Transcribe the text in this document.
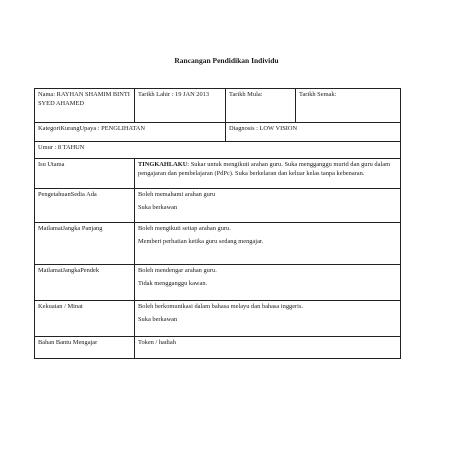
Rancangan Pendidikan Individu
Nama: RAYHAN SHAMIM BINTI SYED AHAMED	Tarikh Lahir : 19 JAN 2013	Tarikh Mula:	Tarikh Semak:
KategoriKurangUpaya : PENGLIHATAN		Diagnosis : LOW VISION	
Umur : 8 TAHUN			
Isu Utama	TINGKAHLAKU: Sukar untuk mengikuti arahan guru. Suka mengganggu murid dan guru dalam pengajaran dan pembelajaran (PdPc). Suka berkelaran dan keluar kelas tanpa kebenaran.		
PengetahuanSedia Ada	Boleh memahami arahan guru
Suka berkawan		

MatlamatJangka Panjang	Boleh mengikuti setiap arahan guru.
Memberi perhatian ketika guru sedang mengajar.		

MatlamatJangkaPendek	Boleh mendengar arahan guru.
Tidak mengganggu kawan.		

Kekuatan / Minat	Boleh berkomunikasi dalam bahasa melayu dan bahasa inggeris.
Suka berkawan		

Bahan Bantu Mengajar	Token / hadiah		
